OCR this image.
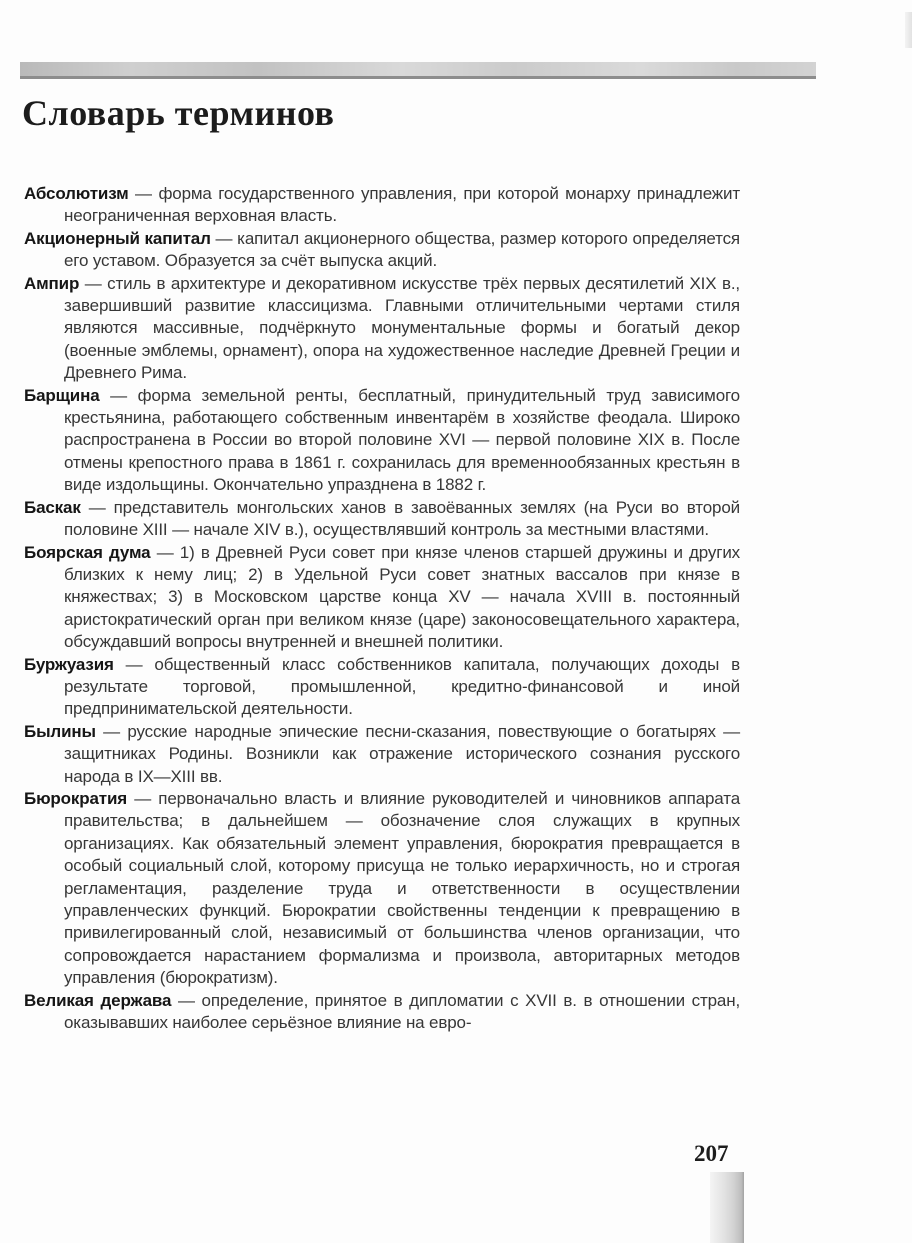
Словарь терминов

Абсолютизм — форма государственного управления, при которой монарху принадлежит неограниченная верховная власть.

Акционерный капитал — капитал акционерного общества, размер которого определяется его уставом. Образуется за счёт выпуска акций.

Ампир — стиль в архитектуре и декоративном искусстве трёх первых десятилетий XIX в., завершивший развитие классицизма. Главными отличительными чертами стиля являются массивные, подчёркнуто монументальные формы и богатый декор (военные эмблемы, орнамент), опора на художественное наследие Древней Греции и Древнего Рима.

Барщина — форма земельной ренты, бесплатный, принудительный труд зависимого крестьянина, работающего собственным инвентарём в хозяйстве феодала. Широко распространена в России во второй половине XVI — первой половине XIX в. После отмены крепостного права в 1861 г. сохранилась для временнообязанных крестьян в виде издольщины. Окончательно упразднена в 1882 г.

Баскак — представитель монгольских ханов в завоёванных землях (на Руси во второй половине XIII — начале XIV в.), осуществлявший контроль за местными властями.

Боярская дума — 1) в Древней Руси совет при князе членов старшей дружины и других близких к нему лиц; 2) в Удельной Руси совет знатных вассалов при князе в княжествах; 3) в Московском царстве конца XV — начала XVIII в. постоянный аристократический орган при великом князе (царе) законосовещательного характера, обсуждавший вопросы внутренней и внешней политики.

Буржуазия — общественный класс собственников капитала, получающих доходы в результате торговой, промышленной, кредитно-финансовой и иной предпринимательской деятельности.

Былины — русские народные эпические песни-сказания, повествующие о богатырях — защитниках Родины. Возникли как отражение исторического сознания русского народа в IX—XIII вв.

Бюрократия — первоначально власть и влияние руководителей и чиновников аппарата правительства; в дальнейшем — обозначение слоя служащих в крупных организациях. Как обязательный элемент управления, бюрократия превращается в особый социальный слой, которому присуща не только иерархичность, но и строгая регламентация, разделение труда и ответственности в осуществлении управленческих функций. Бюрократии свойственны тенденции к превращению в привилегированный слой, независимый от большинства членов организации, что сопровождается нарастанием формализма и произвола, авторитарных методов управления (бюрократизм).

Великая держава — определение, принятое в дипломатии с XVII в. в отношении стран, оказывавших наиболее серьёзное влияние на евро-

207
